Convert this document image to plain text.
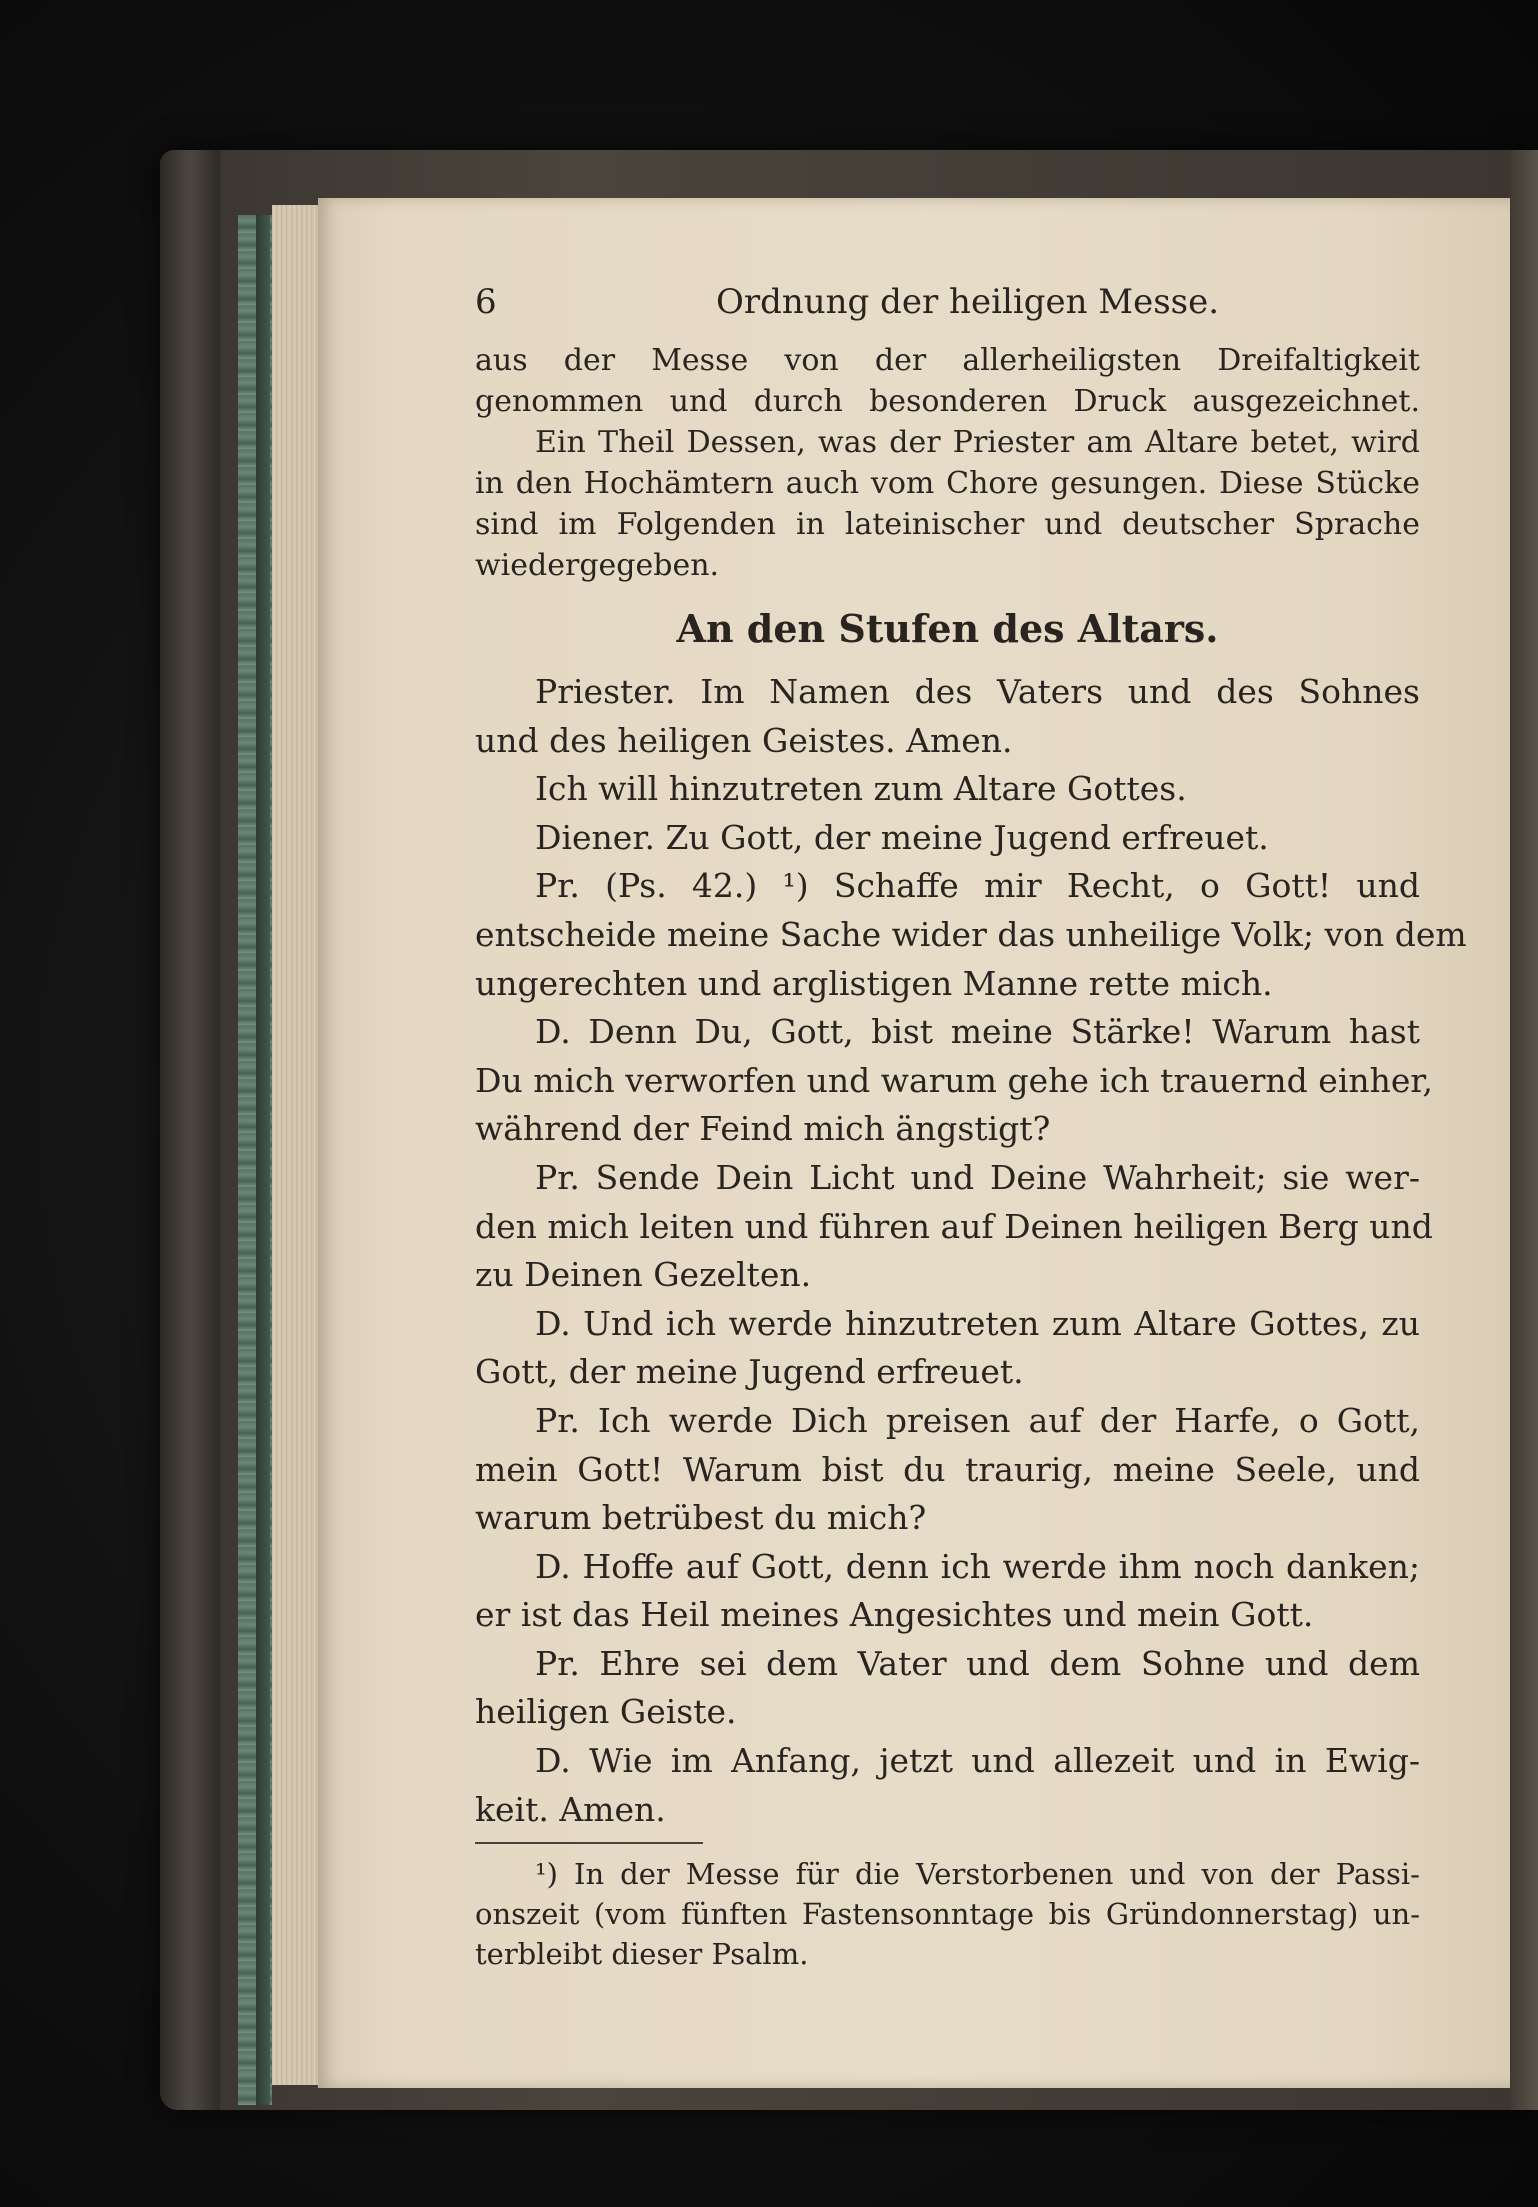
6	Ordnung der heiligen Messe.
aus der Messe von der allerheiligsten Dreifaltigkeit
genommen und durch besonderen Druck ausgezeichnet.
Ein Theil Dessen, was der Priester am Altare betet, wird
in den Hochämtern auch vom Chore gesungen. Diese Stücke
sind im Folgenden in lateinischer und deutscher Sprache
wiedergegeben.
An den Stufen des Altars.
Priester. Im Namen des Vaters und des Sohnes
und des heiligen Geistes. Amen.
Ich will hinzutreten zum Altare Gottes.
Diener. Zu Gott, der meine Jugend erfreuet.
Pr. (Ps. 42.) ¹) Schaffe mir Recht, o Gott! und
entscheide meine Sache wider das unheilige Volk; von dem
ungerechten und arglistigen Manne rette mich.
D. Denn Du, Gott, bist meine Stärke! Warum hast
Du mich verworfen und warum gehe ich trauernd einher,
während der Feind mich ängstigt?
Pr. Sende Dein Licht und Deine Wahrheit; sie wer-
den mich leiten und führen auf Deinen heiligen Berg und
zu Deinen Gezelten.
D. Und ich werde hinzutreten zum Altare Gottes, zu
Gott, der meine Jugend erfreuet.
Pr. Ich werde Dich preisen auf der Harfe, o Gott,
mein Gott! Warum bist du traurig, meine Seele, und
warum betrübest du mich?
D. Hoffe auf Gott, denn ich werde ihm noch danken;
er ist das Heil meines Angesichtes und mein Gott.
Pr. Ehre sei dem Vater und dem Sohne und dem
heiligen Geiste.
D. Wie im Anfang, jetzt und allezeit und in Ewig-
keit. Amen.
¹) In der Messe für die Verstorbenen und von der Passi-
onszeit (vom fünften Fastensonntage bis Gründonnerstag) un-
terbleibt dieser Psalm.
